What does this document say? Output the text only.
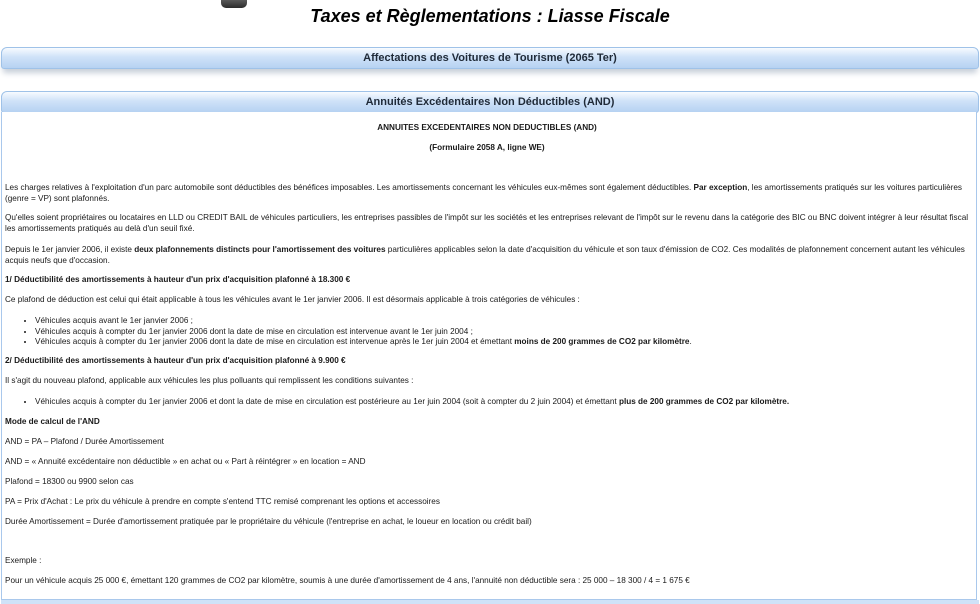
Taxes et Règlementations : Liasse Fiscale
Affectations des Voitures de Tourisme (2065 Ter)
Annuités Excédentaires Non Déductibles (AND)

ANNUITES EXCEDENTAIRES NON DEDUCTIBLES (AND)

(Formulaire 2058 A, ligne WE)

Les charges relatives à l'exploitation d'un parc automobile sont déductibles des bénéfices imposables. Les amortissements concernant les véhicules eux-mêmes sont également déductibles. Par exception, les amortissements pratiqués sur les voitures particulières (genre = VP) sont plafonnés.

Qu'elles soient propriétaires ou locataires en LLD ou CREDIT BAIL de véhicules particuliers, les entreprises passibles de l'impôt sur les sociétés et les entreprises relevant de l'impôt sur le revenu dans la catégorie des BIC ou BNC doivent intégrer à leur résultat fiscal les amortissements pratiqués au delà d'un seuil fixé.

Depuis le 1er janvier 2006, il existe deux plafonnements distincts pour l'amortissement des voitures particulières applicables selon la date d'acquisition du véhicule et son taux d'émission de CO2. Ces modalités de plafonnement concernent autant les véhicules acquis neufs que d'occasion.

1/ Déductibilité des amortissements à hauteur d'un prix d'acquisition plafonné à 18.300 €

Ce plafond de déduction est celui qui était applicable à tous les véhicules avant le 1er janvier 2006. Il est désormais applicable à trois catégories de véhicules :

• Véhicules acquis avant le 1er janvier 2006 ;
• Véhicules acquis à compter du 1er janvier 2006 dont la date de mise en circulation est intervenue avant le 1er juin 2004 ;
• Véhicules acquis à compter du 1er janvier 2006 dont la date de mise en circulation est intervenue après le 1er juin 2004 et émettant moins de 200 grammes de CO2 par kilomètre.

2/ Déductibilité des amortissements à hauteur d'un prix d'acquisition plafonné à 9.900 €

Il s'agit du nouveau plafond, applicable aux véhicules les plus polluants qui remplissent les conditions suivantes :

• Véhicules acquis à compter du 1er janvier 2006 et dont la date de mise en circulation est postérieure au 1er juin 2004 (soit à compter du 2 juin 2004) et émettant plus de 200 grammes de CO2 par kilomètre.

Mode de calcul de l'AND

AND = PA – Plafond / Durée Amortissement

AND = « Annuité excédentaire non déductible » en achat ou « Part à réintégrer » en location = AND

Plafond = 18300 ou 9900 selon cas

PA = Prix d'Achat : Le prix du véhicule à prendre en compte s'entend TTC remisé comprenant les options et accessoires

Durée Amortissement = Durée d'amortissement pratiquée par le propriétaire du véhicule (l'entreprise en achat, le loueur en location ou crédit bail)

Exemple :

Pour un véhicule acquis 25 000 €, émettant 120 grammes de CO2 par kilomètre, soumis à une durée d'amortissement de 4 ans, l'annuité non déductible sera : 25 000 – 18 300 / 4 = 1 675 €
